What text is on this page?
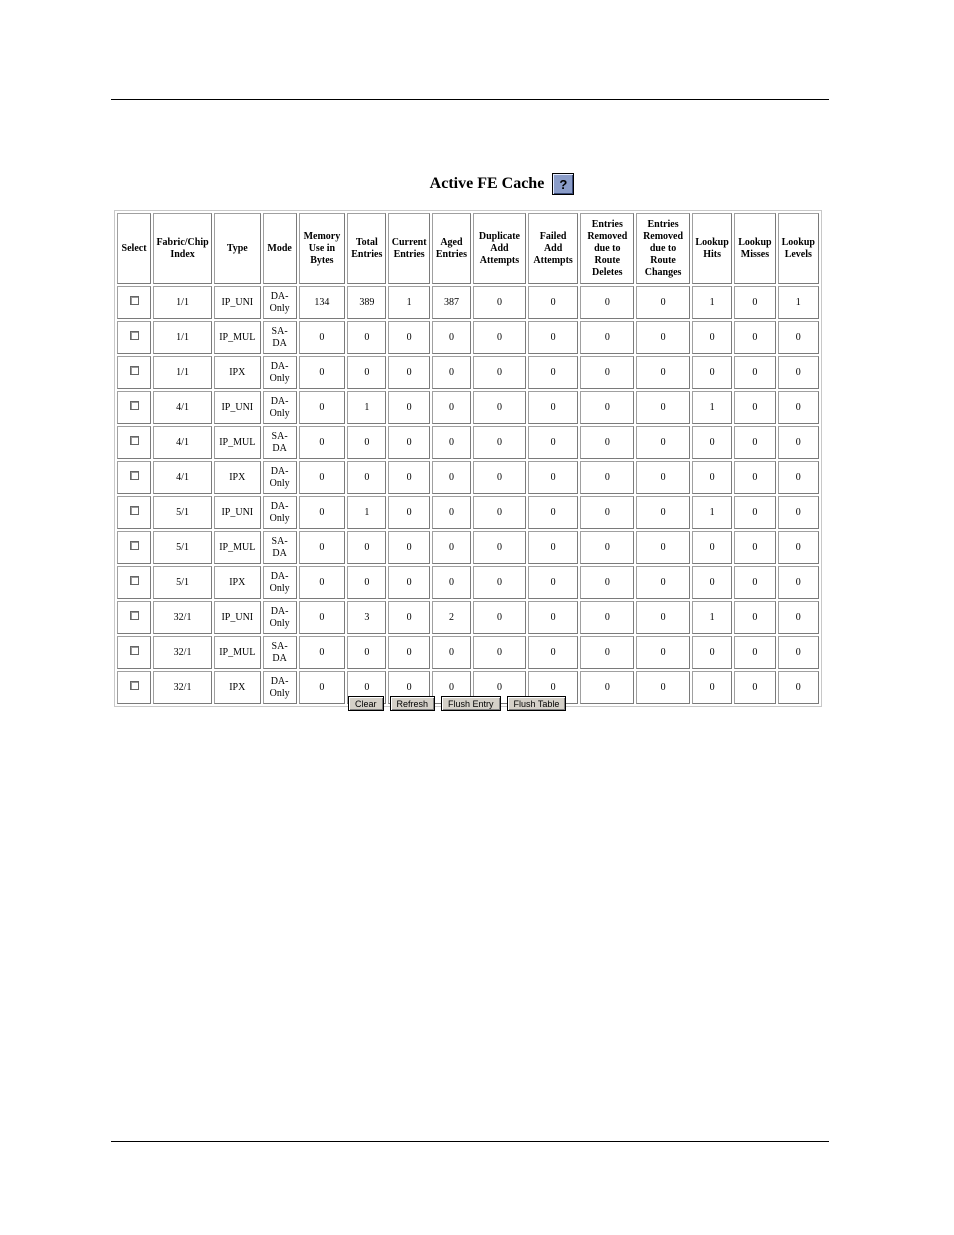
Active FE Cache ?
Select	Fabric/Chip Index	Type	Mode	Memory Use in Bytes	Total Entries	Current Entries	Aged Entries	Duplicate Add Attempts	Failed Add Attempts	Entries Removed due to Route Deletes	Entries Removed due to Route Changes	Lookup Hits	Lookup Misses	Lookup Levels
	1/1	IP_UNI	DA-Only	134	389	1	387	0	0	0	0	1	0	1
	1/1	IP_MUL	SA-DA	0	0	0	0	0	0	0	0	0	0	0
	1/1	IPX	DA-Only	0	0	0	0	0	0	0	0	0	0	0
	4/1	IP_UNI	DA-Only	0	1	0	0	0	0	0	0	1	0	0
	4/1	IP_MUL	SA-DA	0	0	0	0	0	0	0	0	0	0	0
	4/1	IPX	DA-Only	0	0	0	0	0	0	0	0	0	0	0
	5/1	IP_UNI	DA-Only	0	1	0	0	0	0	0	0	1	0	0
	5/1	IP_MUL	SA-DA	0	0	0	0	0	0	0	0	0	0	0
	5/1	IPX	DA-Only	0	0	0	0	0	0	0	0	0	0	0
	32/1	IP_UNI	DA-Only	0	3	0	2	0	0	0	0	1	0	0
	32/1	IP_MUL	SA-DA	0	0	0	0	0	0	0	0	0	0	0
	32/1	IPX	DA-Only	0	0	0	0	0	0	0	0	0	0	0
Clear	Refresh	Flush Entry	Flush Table
